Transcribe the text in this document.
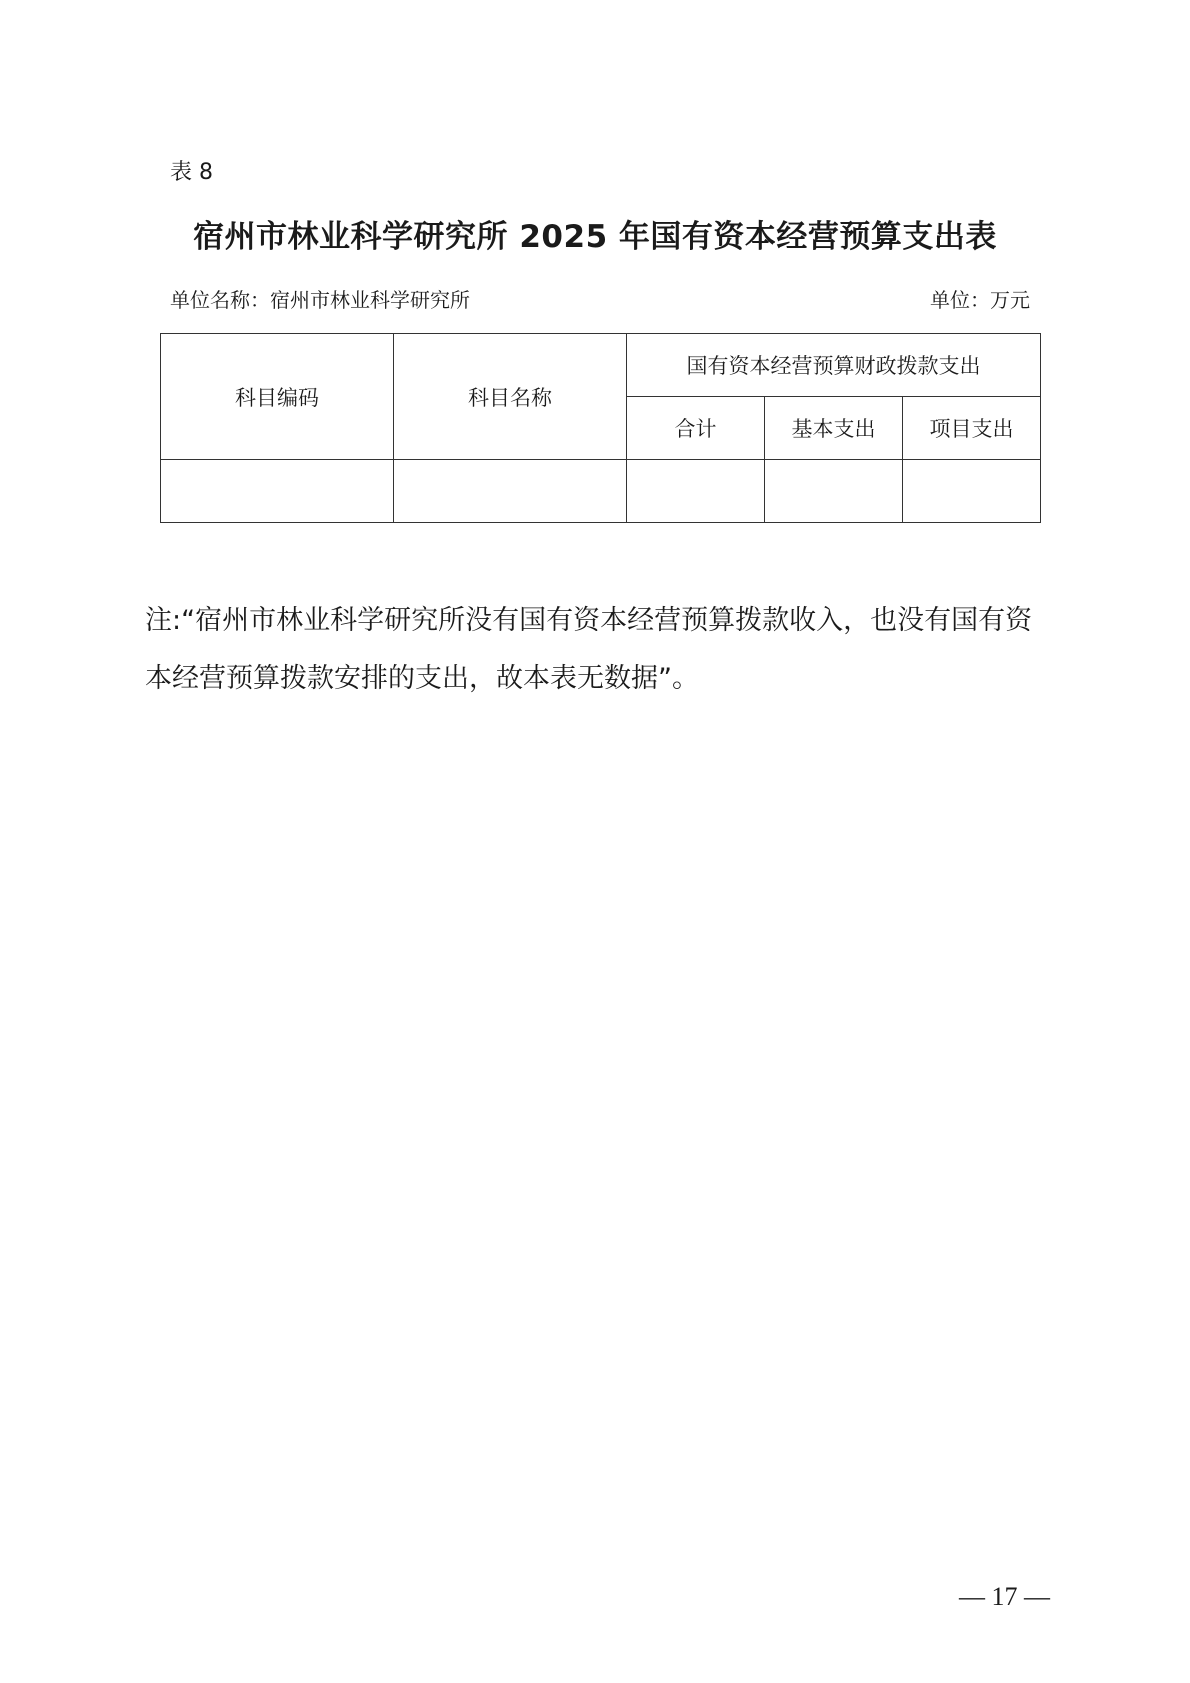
表 8
宿州市林业科学研究所 2025 年国有资本经营预算支出表
单位名称：宿州市林业科学研究所	单位：万元
科目编码	科目名称	国有资本经营预算财政拨款支出		
		合计	基本支出	项目支出

注:“宿州市林业科学研究所没有国有资本经营预算拨款收入，也没有国有资本经营预算拨款安排的支出，故本表无数据”。
— 17 —
